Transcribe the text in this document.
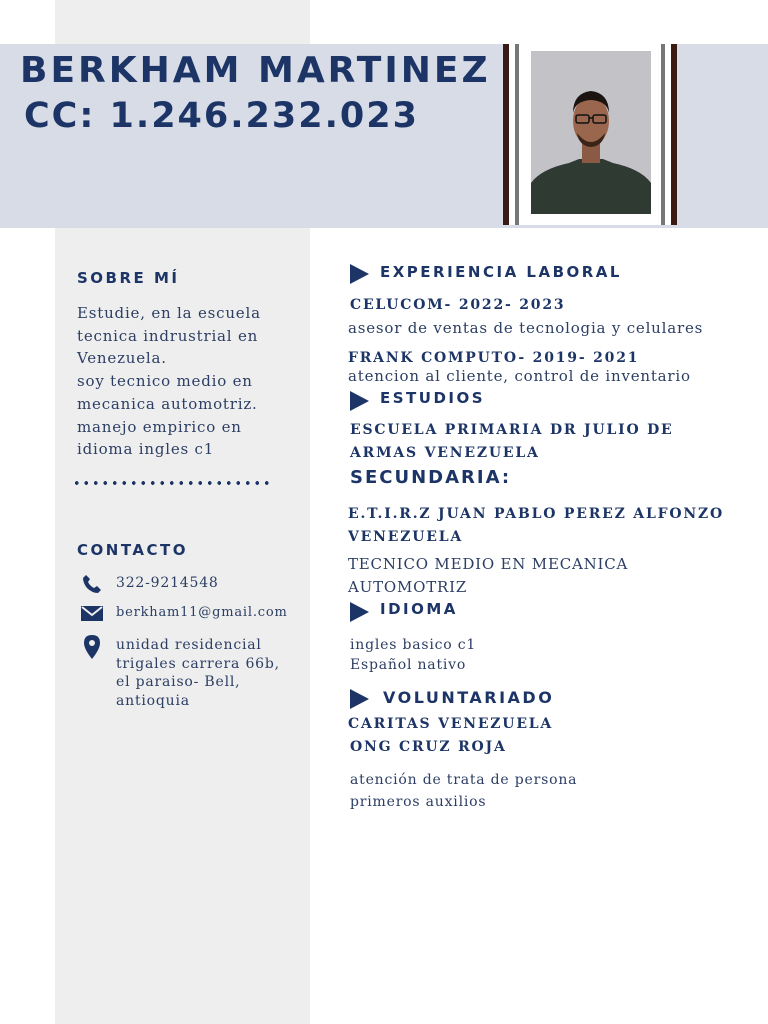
BERKHAM MARTINEZ
CC: 1.246.232.023
SOBRE MÍ
Estudie, en la escuela
tecnica indrustrial en
Venezuela.
soy tecnico medio en
mecanica automotriz.
manejo empirico en
idioma ingles c1
CONTACTO
322-9214548
berkham11@gmail.com
unidad residencial
trigales carrera 66b,
el paraiso- Bell,
antioquia
EXPERIENCIA LABORAL
CELUCOM- 2022- 2023
asesor de ventas de tecnologia y celulares
FRANK COMPUTO- 2019- 2021
atencion al cliente, control de inventario
ESTUDIOS
ESCUELA PRIMARIA DR JULIO DE
ARMAS VENEZUELA
SECUNDARIA:
E.T.I.R.Z JUAN PABLO PEREZ ALFONZO
VENEZUELA
TECNICO MEDIO EN MECANICA
AUTOMOTRIZ
IDIOMA
ingles basico c1
Español nativo
VOLUNTARIADO
CARITAS VENEZUELA
ONG CRUZ ROJA
atención de trata de persona
primeros auxilios
